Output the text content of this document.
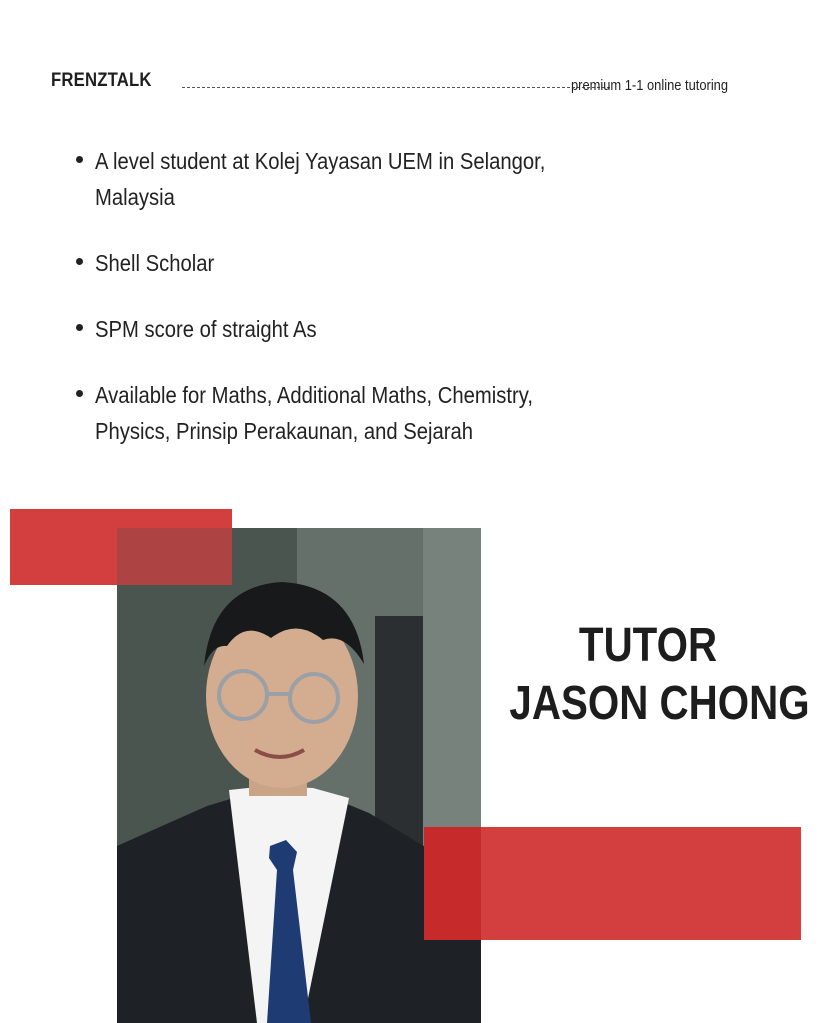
FRENZTALK	premium 1-1 online tutoring
A level student at Kolej Yayasan UEM in Selangor,
Malaysia
Shell Scholar
SPM score of straight As
Available for Maths, Additional Maths, Chemistry,
Physics, Prinsip Perakaunan, and Sejarah
TUTOR
JASON CHONG
